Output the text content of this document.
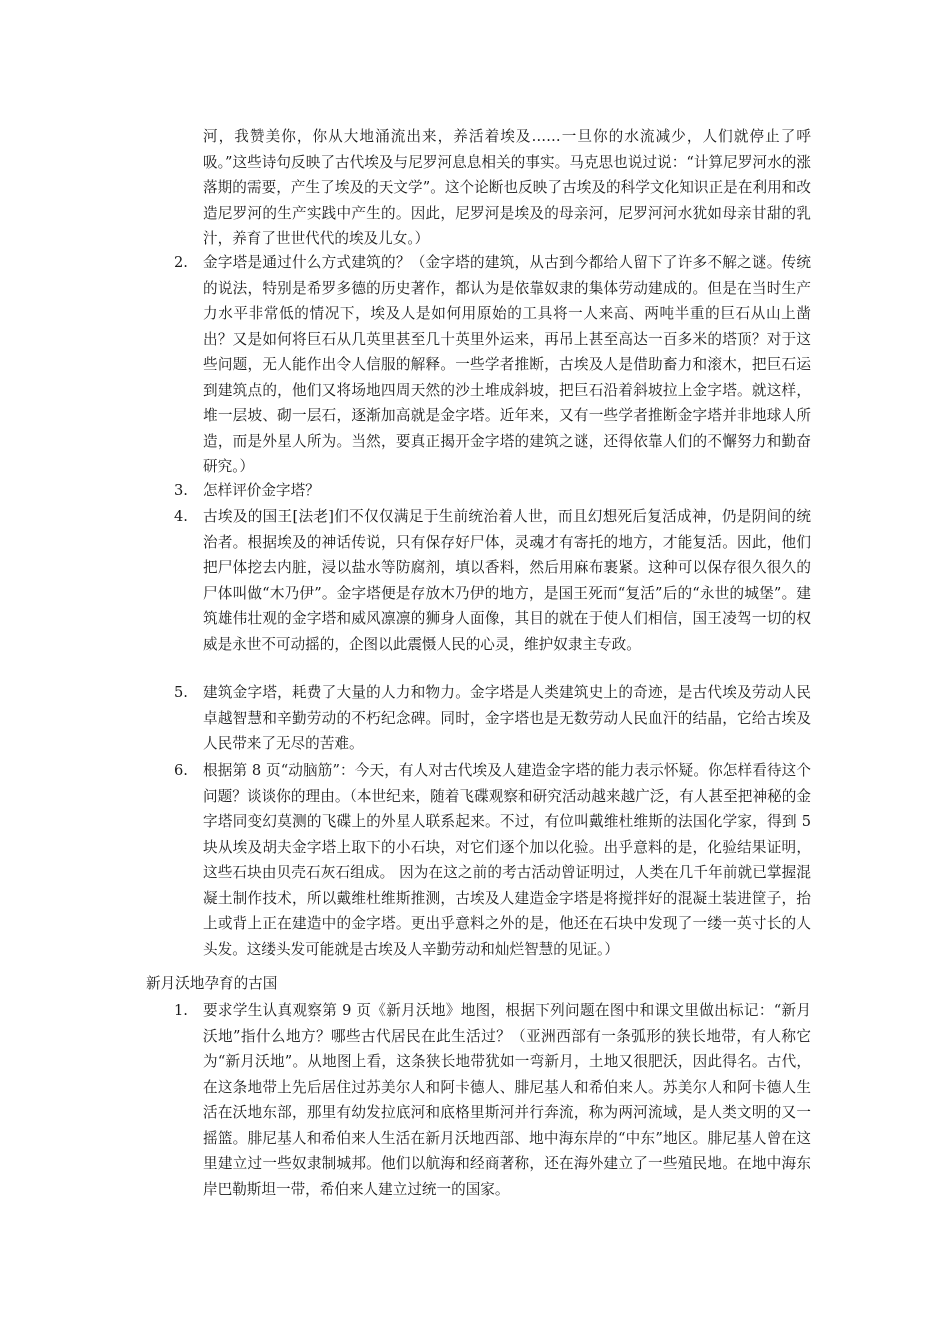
河，我赞美你，你从大地涌流出来，养活着埃及……一旦你的水流减少，人们就停止了呼吸。”这些诗句反映了古代埃及与尼罗河息息相关的事实。马克思也说过说：“计算尼罗河水的涨落期的需要，产生了埃及的天文学”。这个论断也反映了古埃及的科学文化知识正是在利用和改造尼罗河的生产实践中产生的。因此，尼罗河是埃及的母亲河，尼罗河河水犹如母亲甘甜的乳汁，养育了世世代代的埃及儿女。）

2.	金字塔是通过什么方式建筑的？（金字塔的建筑，从古到今都给人留下了许多不解之谜。传统的说法，特别是希罗多德的历史著作，都认为是依靠奴隶的集体劳动建成的。但是在当时生产力水平非常低的情况下，埃及人是如何用原始的工具将一人来高、两吨半重的巨石从山上凿出？又是如何将巨石从几英里甚至几十英里外运来，再吊上甚至高达一百多米的塔顶？对于这些问题，无人能作出令人信服的解释。一些学者推断，古埃及人是借助畜力和滚木，把巨石运到建筑点的，他们又将场地四周天然的沙土堆成斜坡，把巨石沿着斜坡拉上金字塔。就这样，堆一层坡、砌一层石，逐渐加高就是金字塔。近年来，又有一些学者推断金字塔并非地球人所造，而是外星人所为。当然，要真正揭开金字塔的建筑之谜，还得依靠人们的不懈努力和勤奋研究。）

3.	怎样评价金字塔？

4.	古埃及的国王[法老]们不仅仅满足于生前统治着人世，而且幻想死后复活成神，仍是阴间的统治者。根据埃及的神话传说，只有保存好尸体，灵魂才有寄托的地方，才能复活。因此，他们把尸体挖去内脏，浸以盐水等防腐剂，填以香料，然后用麻布裹紧。这种可以保存很久很久的尸体叫做“木乃伊”。金字塔便是存放木乃伊的地方，是国王死而“复活”后的“永世的城堡”。建筑雄伟壮观的金字塔和威风凛凛的狮身人面像，其目的就在于使人们相信，国王凌驾一切的权威是永世不可动摇的，企图以此震慑人民的心灵，维护奴隶主专政。

5.	建筑金字塔，耗费了大量的人力和物力。金字塔是人类建筑史上的奇迹，是古代埃及劳动人民卓越智慧和辛勤劳动的不朽纪念碑。同时，金字塔也是无数劳动人民血汗的结晶，它给古埃及人民带来了无尽的苦难。

6.	根据第 8 页“动脑筋”：今天，有人对古代埃及人建造金字塔的能力表示怀疑。你怎样看待这个问题？谈谈你的理由。（本世纪来，随着飞碟观察和研究活动越来越广泛，有人甚至把神秘的金字塔同变幻莫测的飞碟上的外星人联系起来。不过，有位叫戴维杜维斯的法国化学家，得到 5 块从埃及胡夫金字塔上取下的小石块，对它们逐个加以化验。出乎意料的是，化验结果证明，这些石块由贝壳石灰石组成。 因为在这之前的考古活动曾证明过，人类在几千年前就已掌握混凝土制作技术，所以戴维杜维斯推测，古埃及人建造金字塔是将搅拌好的混凝土装进筐子，抬上或背上正在建造中的金字塔。更出乎意料之外的是，他还在石块中发现了一缕一英寸长的人头发。这缕头发可能就是古埃及人辛勤劳动和灿烂智慧的见证。）

新月沃地孕育的古国

1.	要求学生认真观察第 9 页《新月沃地》地图，根据下列问题在图中和课文里做出标记：“新月沃地”指什么地方？哪些古代居民在此生活过？（亚洲西部有一条弧形的狭长地带，有人称它为“新月沃地”。从地图上看，这条狭长地带犹如一弯新月，土地又很肥沃，因此得名。古代，在这条地带上先后居住过苏美尔人和阿卡德人、腓尼基人和希伯来人。苏美尔人和阿卡德人生活在沃地东部，那里有幼发拉底河和底格里斯河并行奔流，称为两河流域，是人类文明的又一摇篮。腓尼基人和希伯来人生活在新月沃地西部、地中海东岸的“中东”地区。腓尼基人曾在这里建立过一些奴隶制城邦。他们以航海和经商著称，还在海外建立了一些殖民地。在地中海东岸巴勒斯坦一带，希伯来人建立过统一的国家。
